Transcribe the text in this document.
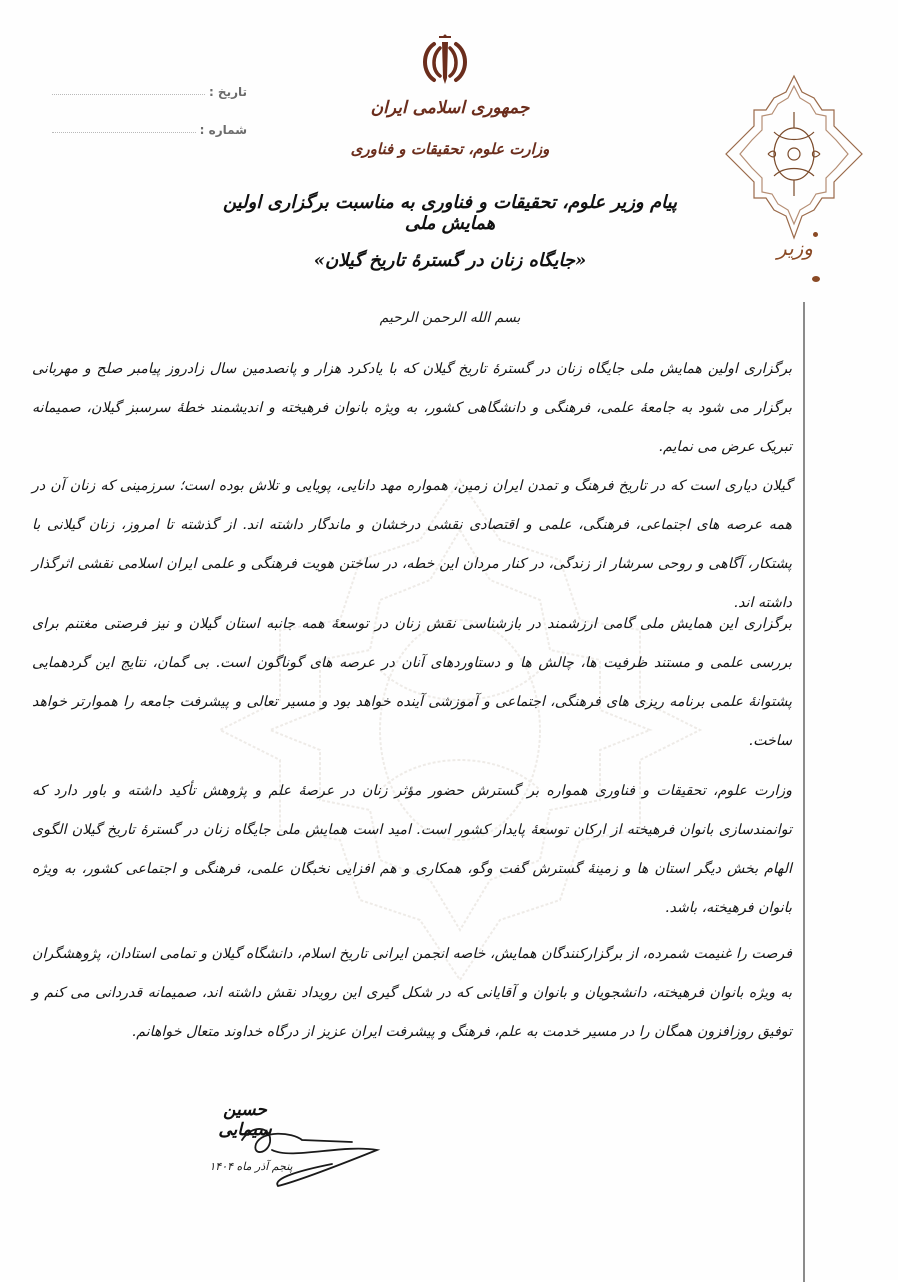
تاریخ :
شماره :
جمهوری اسلامی ایران
وزارت علوم، تحقیقات و فناوری
وزیر
پیام وزیر علوم، تحقیقات و فناوری به مناسبت برگزاری اولین همایش ملی
«جایگاه زنان در گسترهٔ تاریخ گیلان»
بسم الله الرحمن الرحیم

برگزاری اولین همایش ملی جایگاه زنان در گسترهٔ تاریخ گیلان که با یادکرد هزار و پانصدمین سال زادروز پیامبر صلح و مهربانی برگزار می شود به جامعهٔ علمی، فرهنگی و دانشگاهی کشور، به ویژه بانوان فرهیخته و اندیشمند خطهٔ سرسبز گیلان، صمیمانه تبریک عرض می نمایم.

گیلان دیاری است که در تاریخ فرهنگ و تمدن ایران زمین، همواره مهد دانایی، پویایی و تلاش بوده است؛ سرزمینی که زنان آن در همه عرصه های اجتماعی، فرهنگی، علمی و اقتصادی نقشی درخشان و ماندگار داشته اند. از گذشته تا امروز، زنان گیلانی با پشتکار، آگاهی و روحی سرشار از زندگی، در کنار مردان این خطه، در ساختن هویت فرهنگی و علمی ایران اسلامی نقشی اثرگذار داشته اند.

برگزاری این همایش ملی گامی ارزشمند در بازشناسی نقش زنان در توسعهٔ همه جانبه استان گیلان و نیز فرصتی مغتنم برای بررسی علمی و مستند ظرفیت ها، چالش ها و دستاوردهای آنان در عرصه های گوناگون است. بی گمان، نتایج این گردهمایی پشتوانهٔ علمی برنامه ریزی های فرهنگی، اجتماعی و آموزشی آینده خواهد بود و مسیر تعالی و پیشرفت جامعه را هموارتر خواهد ساخت.

وزارت علوم، تحقیقات و فناوری همواره بر گسترش حضور مؤثر زنان در عرصهٔ علم و پژوهش تأکید داشته و باور دارد که توانمندسازی بانوان فرهیخته از ارکان توسعهٔ پایدار کشور است. امید است همایش ملی جایگاه زنان در گسترهٔ تاریخ گیلان الگوی الهام بخش دیگر استان ها و زمینهٔ گسترش گفت وگو، همکاری و هم افزایی نخبگان علمی، فرهنگی و اجتماعی کشور، به ویژه بانوان فرهیخته، باشد.

فرصت را غنیمت شمرده، از برگزارکنندگان همایش، خاصه انجمن ایرانی تاریخ اسلام، دانشگاه گیلان و تمامی استادان، پژوهشگران به ویژه بانوان فرهیخته، دانشجویان و بانوان و آقایانی که در شکل گیری این رویداد نقش داشته اند، صمیمانه قدردانی می کنم و توفیق روزافزون همگان را در مسیر خدمت به علم، فرهنگ و پیشرفت ایران عزیز از درگاه خداوند متعال خواهانم.

حسین سیمایی
پنجم آذر ماه ۱۴۰۴
